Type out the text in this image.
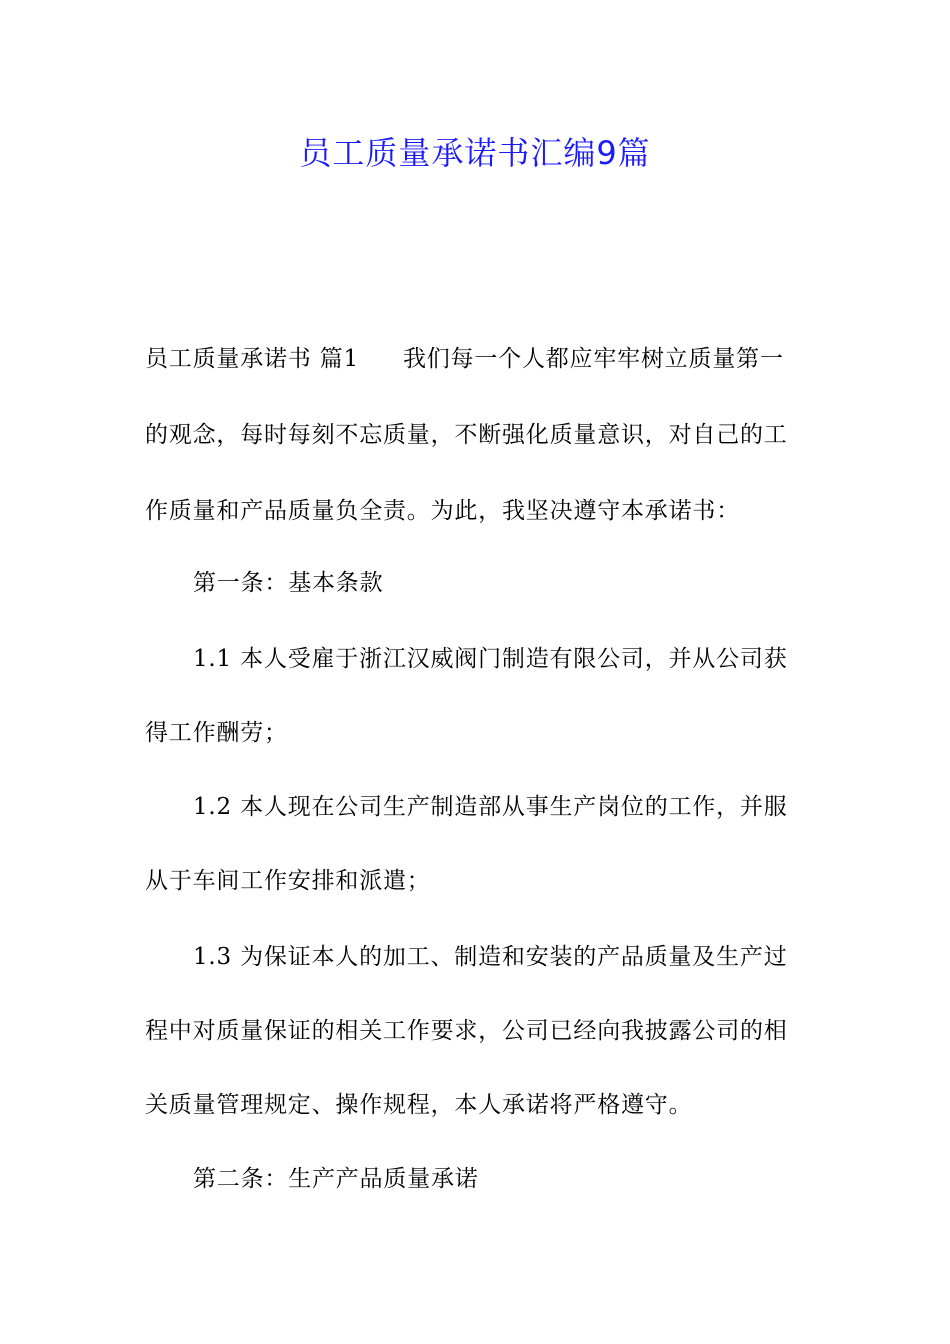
员工质量承诺书汇编9篇

员工质量承诺书 篇1 我们每一个人都应牢牢树立质量第一

的观念，每时每刻不忘质量，不断强化质量意识，对自己的工

作质量和产品质量负全责。为此，我坚决遵守本承诺书：

第一条：基本条款

1.1 本人受雇于浙江汉威阀门制造有限公司，并从公司获

得工作酬劳；

1.2 本人现在公司生产制造部从事生产岗位的工作，并服

从于车间工作安排和派遣；

1.3 为保证本人的加工、制造和安装的产品质量及生产过

程中对质量保证的相关工作要求，公司已经向我披露公司的相

关质量管理规定、操作规程，本人承诺将严格遵守。

第二条：生产产品质量承诺
